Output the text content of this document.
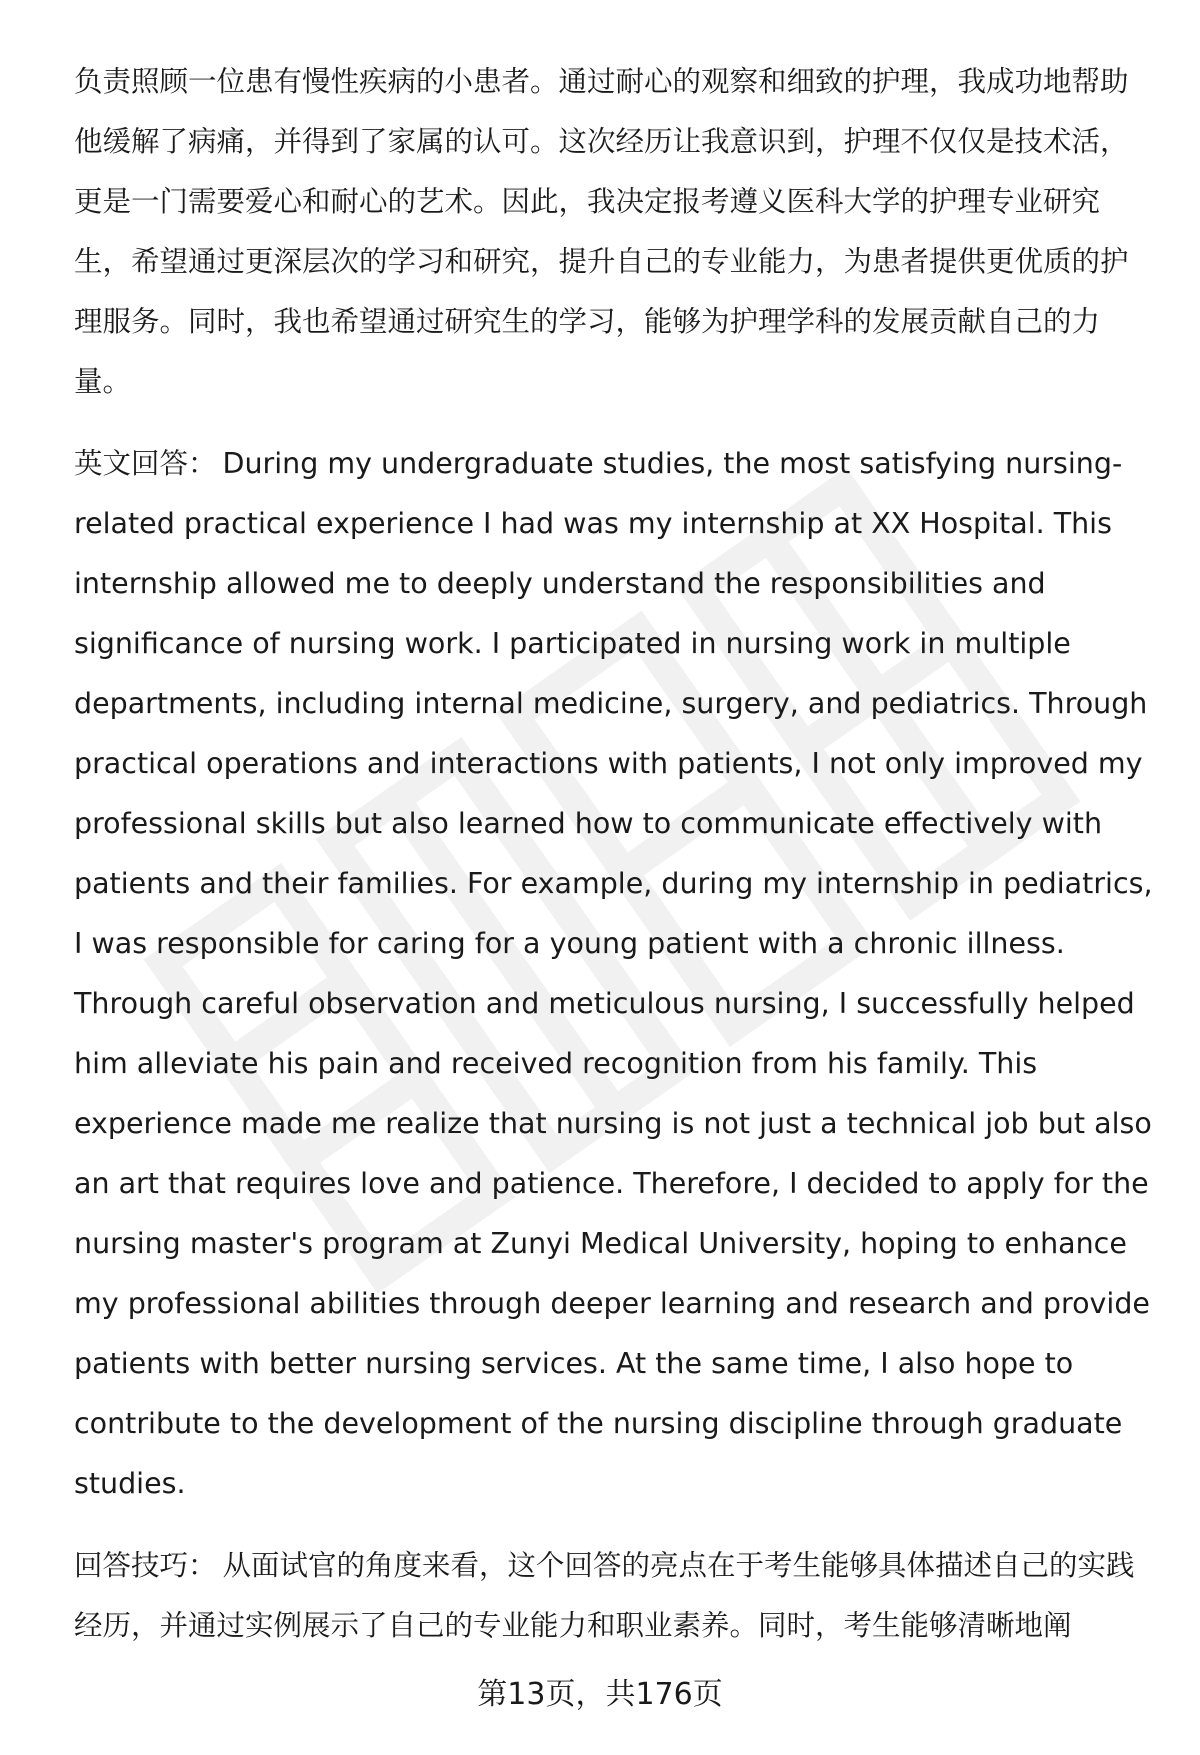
负责照顾一位患有慢性疾病的小患者。通过耐心的观察和细致的护理，我成功地帮助他缓解了病痛，并得到了家属的认可。这次经历让我意识到，护理不仅仅是技术活，更是一门需要爱心和耐心的艺术。因此，我决定报考遵义医科大学的护理专业研究生，希望通过更深层次的学习和研究，提升自己的专业能力，为患者提供更优质的护理服务。同时，我也希望通过研究生的学习，能够为护理学科的发展贡献自己的力量。

英文回答： During my undergraduate studies, the most satisfying nursing-related practical experience I had was my internship at XX Hospital. This internship allowed me to deeply understand the responsibilities and significance of nursing work. I participated in nursing work in multiple departments, including internal medicine, surgery, and pediatrics. Through practical operations and interactions with patients, I not only improved my professional skills but also learned how to communicate effectively with patients and their families. For example, during my internship in pediatrics, I was responsible for caring for a young patient with a chronic illness. Through careful observation and meticulous nursing, I successfully helped him alleviate his pain and received recognition from his family. This experience made me realize that nursing is not just a technical job but also an art that requires love and patience. Therefore, I decided to apply for the nursing master's program at Zunyi Medical University, hoping to enhance my professional abilities through deeper learning and research and provide patients with better nursing services. At the same time, I also hope to contribute to the development of the nursing discipline through graduate studies.

回答技巧： 从面试官的角度来看，这个回答的亮点在于考生能够具体描述自己的实践经历，并通过实例展示了自己的专业能力和职业素养。同时，考生能够清晰地阐

第13页，共176页
